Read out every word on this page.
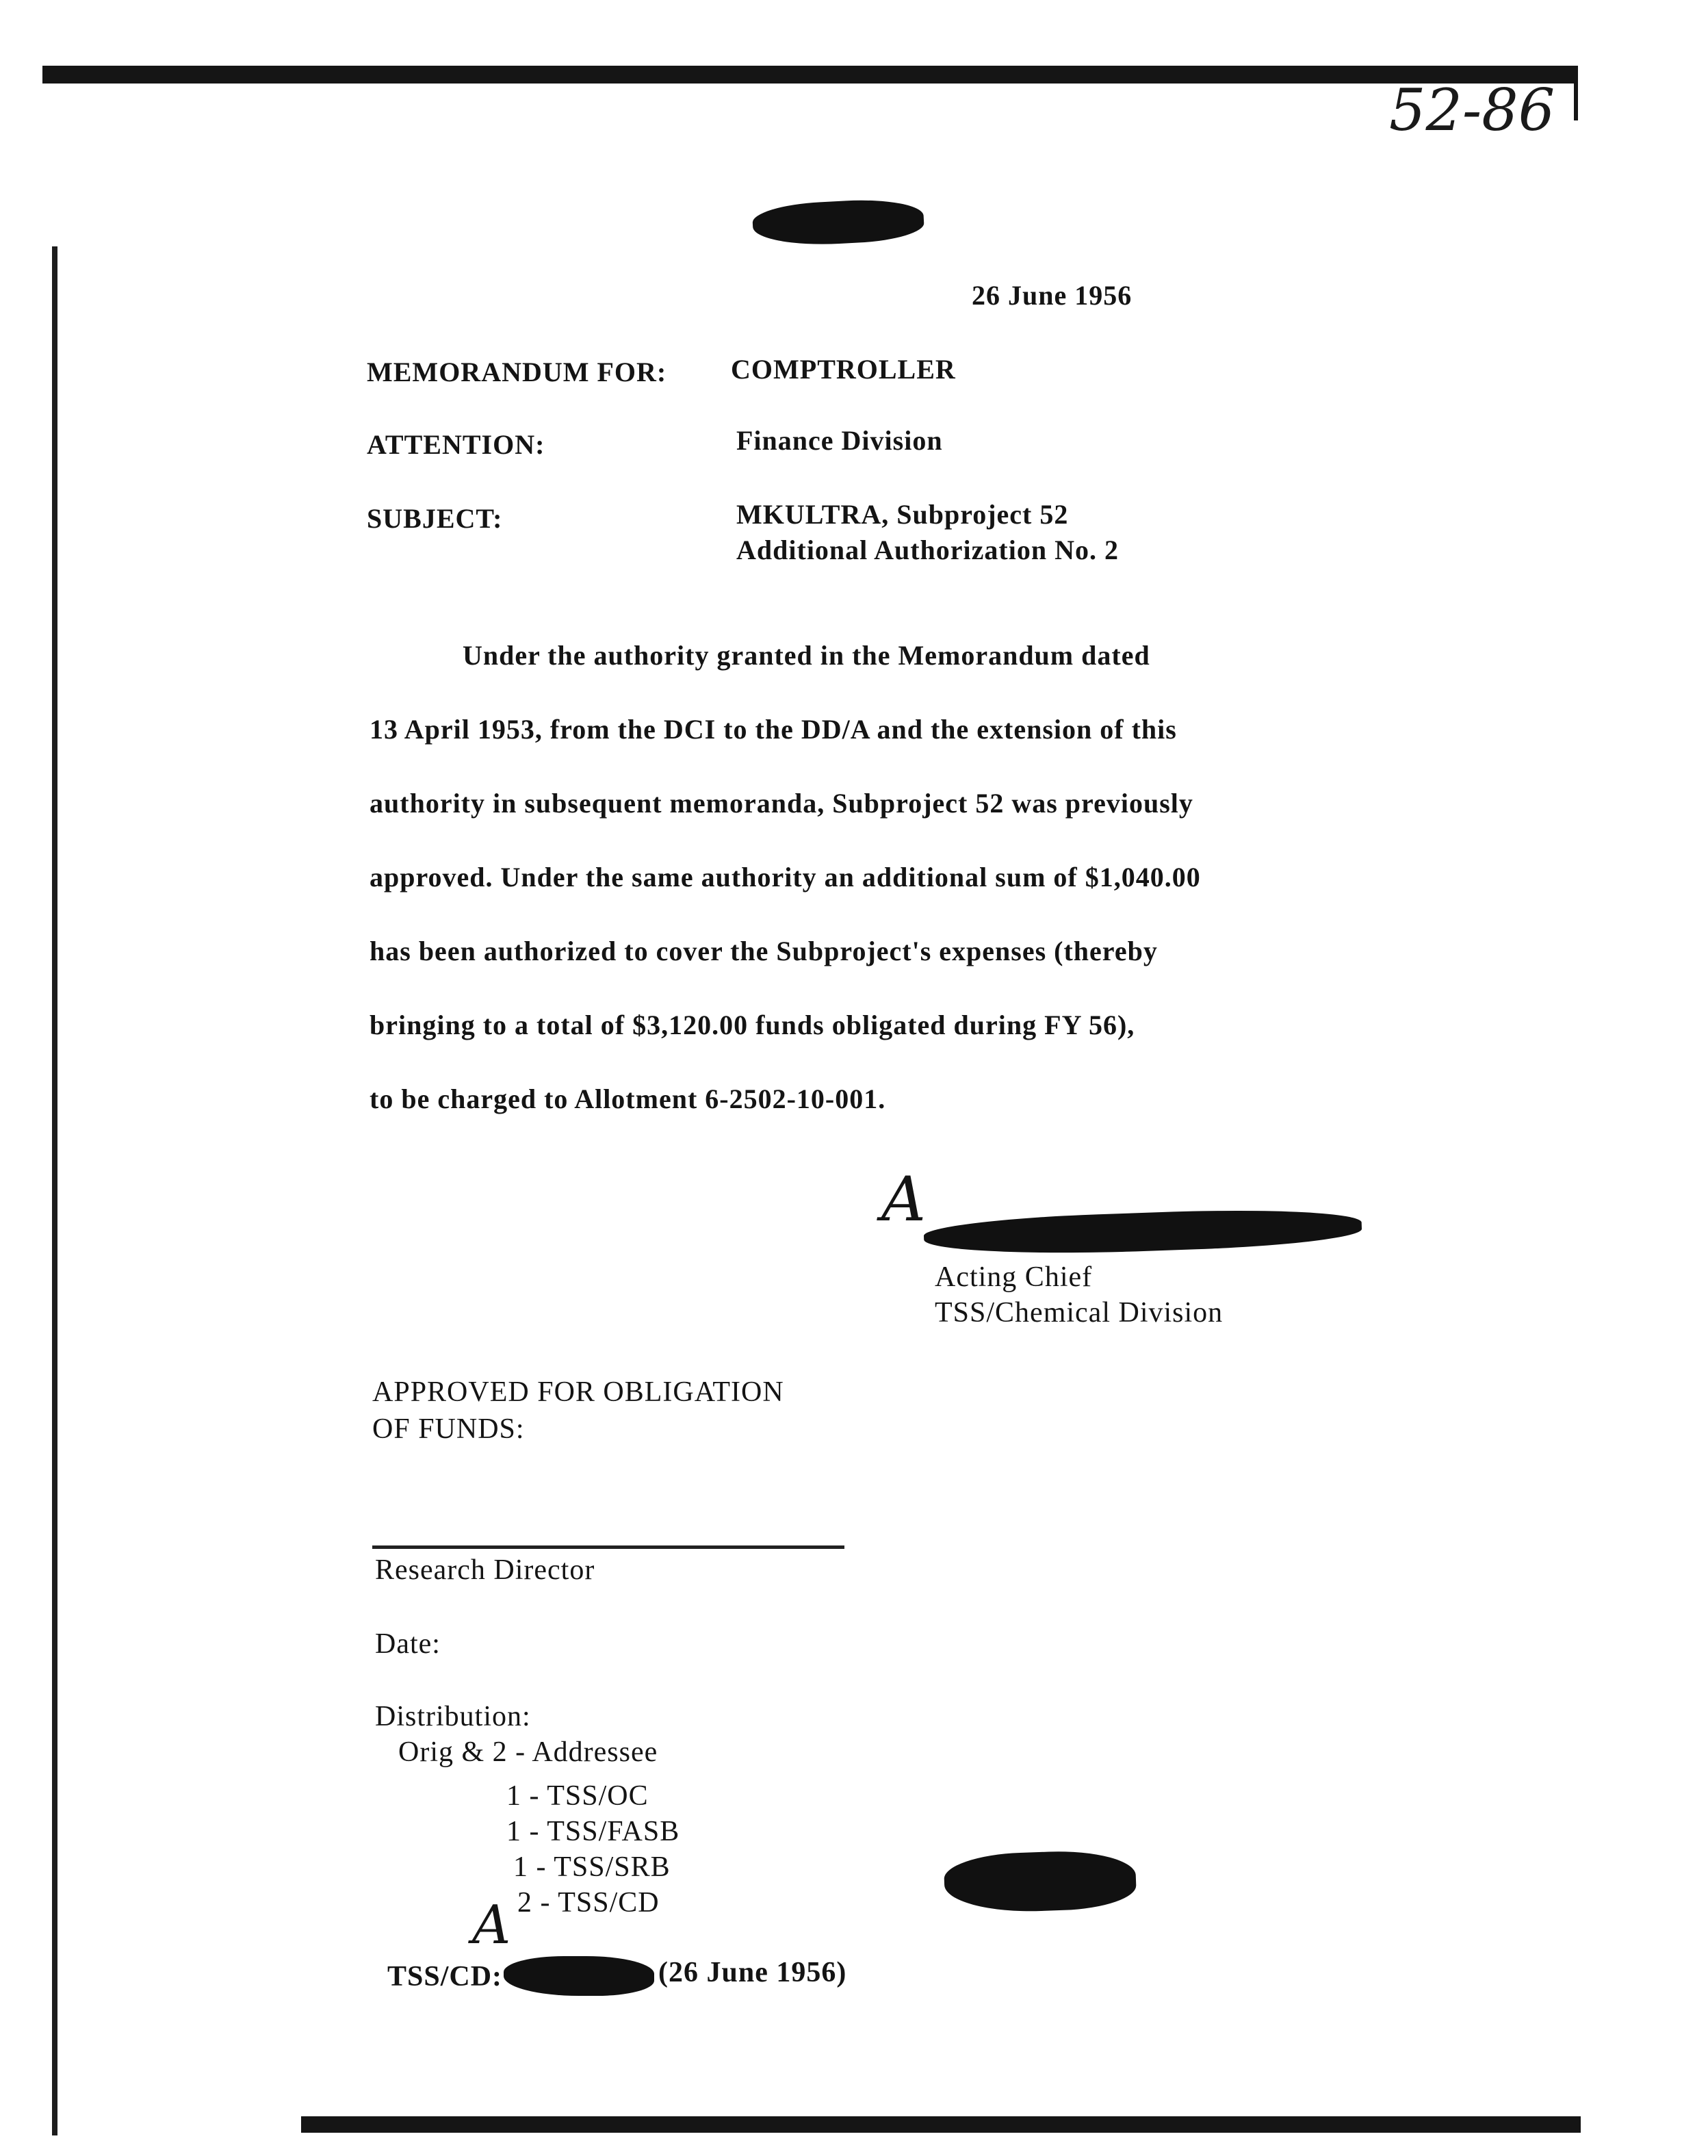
52-86
26 June 1956
MEMORANDUM FOR: COMPTROLLER
ATTENTION:	Finance Division
SUBJECT:	MKULTRA, Subproject 52
Additional Authorization No. 2
Under the authority granted in the Memorandum dated
13 April 1953, from the DCI to the DD/A and the extension of this
authority in subsequent memoranda, Subproject 52 was previously
approved. Under the same authority an additional sum of $1,040.00
has been authorized to cover the Subproject's expenses (thereby
bringing to a total of $3,120.00 funds obligated during FY 56),
to be charged to Allotment 6-2502-10-001.
A
Acting Chief
TSS/Chemical Division
APPROVED FOR OBLIGATION
OF FUNDS:
Research Director
Date:
Distribution:
Orig & 2 - Addressee
1 - TSS/OC
1 - TSS/FASB
1 - TSS/SRB
2 - TSS/CD
A
TSS/CD:	(26 June 1956)
